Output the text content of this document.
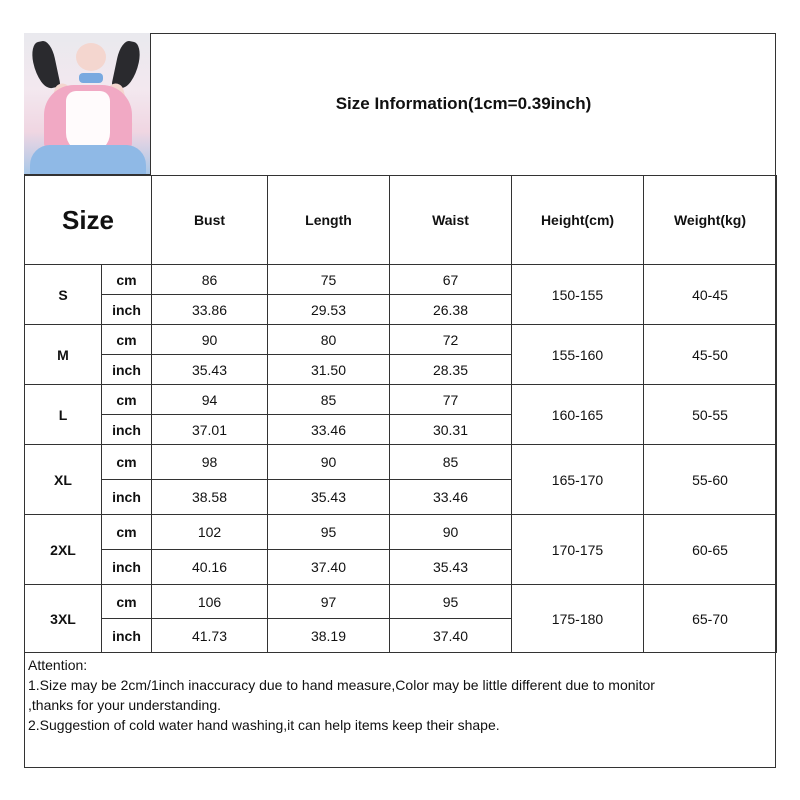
Size Information(1cm=0.39inch)
Size		Bust	Length	Waist	Height(cm)	Weight(kg)
S	cm	86	75	67	150-155	40-45
	inch	33.86	29.53	26.38		
M	cm	90	80	72	155-160	45-50
	inch	35.43	31.50	28.35		
L	cm	94	85	77	160-165	50-55
	inch	37.01	33.46	30.31		
XL	cm	98	90	85	165-170	55-60
	inch	38.58	35.43	33.46		
2XL	cm	102	95	90	170-175	60-65
	inch	40.16	37.40	35.43		
3XL	cm	106	97	95	175-180	65-70
	inch	41.73	38.19	37.40		
Attention:
1.Size may be 2cm/1inch inaccuracy due to hand measure,Color may be little different due to monitor
,thanks for your understanding.
2.Suggestion of cold water hand washing,it can help items keep their shape.
